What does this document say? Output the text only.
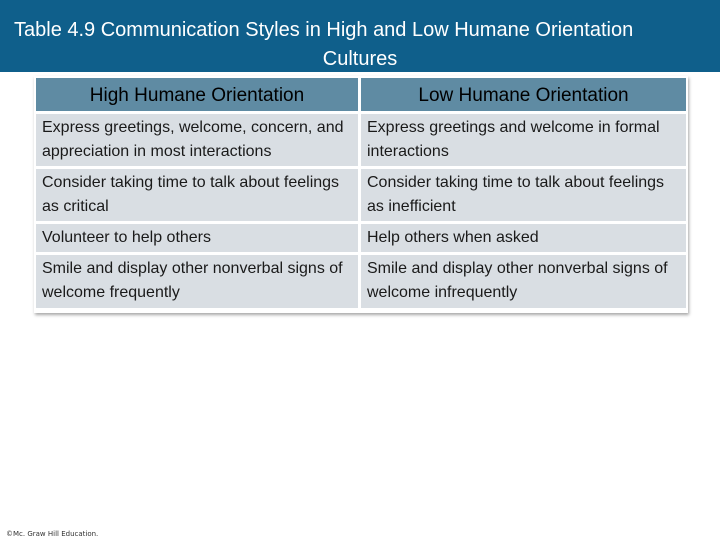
Table 4.9 Communication Styles in High and Low Humane Orientation

Cultures

High Humane Orientation	Low Humane Orientation
Express greetings, welcome, concern, and appreciation in most interactions
Express greetings and welcome in formal interactions
Consider taking time to talk about feelings as critical
Consider taking time to talk about feelings as inefficient
Volunteer to help others	Help others when asked
Smile and display other nonverbal signs of welcome frequently
Smile and display other nonverbal signs of welcome infrequently
©Mc. Graw Hill Education.
